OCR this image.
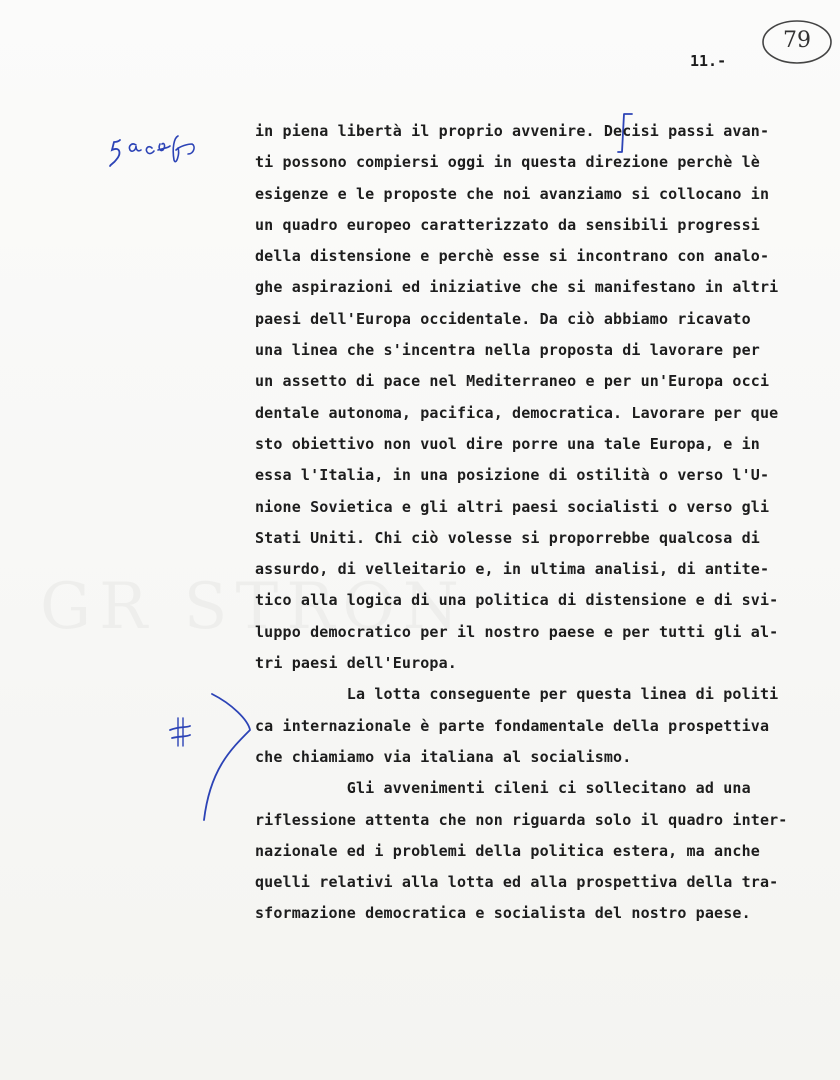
11.-
79
in piena libertà il proprio avvenire. Decisi passi avan-
ti possono compiersi oggi in questa direzione perchè lè
esigenze e le proposte che noi avanziamo si collocano in
un quadro europeo caratterizzato da sensibili progressi
della distensione e perchè esse si incontrano con analo-
ghe aspirazioni ed iniziative che si manifestano in altri
paesi dell'Europa occidentale. Da ciò abbiamo ricavato
una linea che s'incentra nella proposta di lavorare per
un assetto di pace nel Mediterraneo e per un'Europa occi
dentale autonoma, pacifica, democratica. Lavorare per que
sto obiettivo non vuol dire porre una tale Europa, e in
essa l'Italia, in una posizione di ostilità o verso l'U-
nione Sovietica e gli altri paesi socialisti o verso gli
Stati Uniti. Chi ciò volesse si proporrebbe qualcosa di
assurdo, di velleitario e, in ultima analisi, di antite-
tico alla logica di una politica di distensione e di svi-
luppo democratico per il nostro paese e per tutti gli al-
tri paesi dell'Europa.
La lotta conseguente per questa linea di politi
ca internazionale è parte fondamentale della prospettiva
che chiamiamo via italiana al socialismo.
Gli avvenimenti cileni ci sollecitano ad una
riflessione attenta che non riguarda solo il quadro inter-
nazionale ed i problemi della politica estera, ma anche
quelli relativi alla lotta ed alla prospettiva della tra-
sformazione democratica e socialista del nostro paese.
